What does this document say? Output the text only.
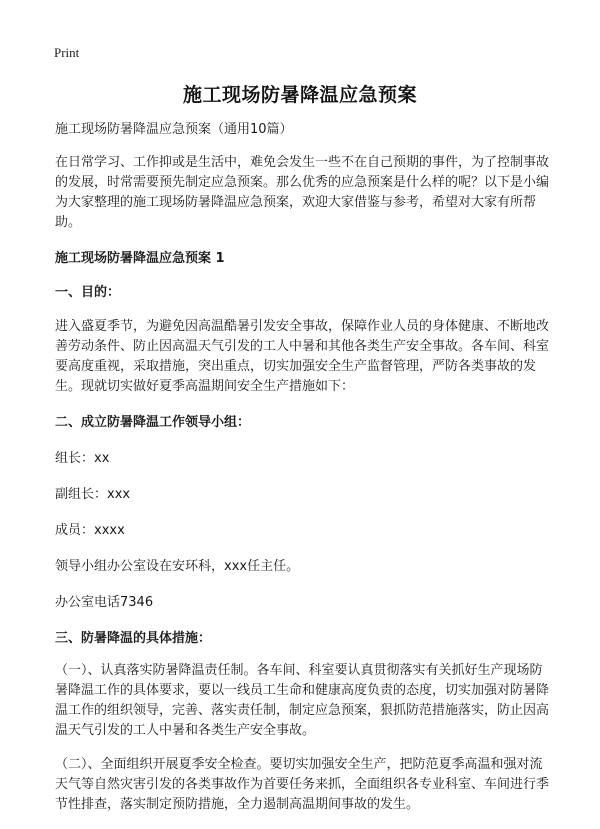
Print
施工现场防暑降温应急预案

施工现场防暑降温应急预案（通用10篇）

在日常学习、工作抑或是生活中，难免会发生一些不在自己预期的事件，为了控制事故的发展，时常需要预先制定应急预案。那么优秀的应急预案是什么样的呢？以下是小编为大家整理的施工现场防暑降温应急预案，欢迎大家借鉴与参考，希望对大家有所帮助。

施工现场防暑降温应急预案 1

一、目的：

进入盛夏季节，为避免因高温酷暑引发安全事故，保障作业人员的身体健康、不断地改善劳动条件、防止因高温天气引发的工人中暑和其他各类生产安全事故。各车间、科室要高度重视，采取措施，突出重点，切实加强安全生产监督管理，严防各类事故的发生。现就切实做好夏季高温期间安全生产措施如下：

二、成立防暑降温工作领导小组：

组长：xx

副组长：xxx

成员：xxxx

领导小组办公室设在安环科，xxx任主任。

办公室电话7346

三、防暑降温的具体措施：

（一）、认真落实防暑降温责任制。各车间、科室要认真贯彻落实有关抓好生产现场防暑降温工作的具体要求，要以一线员工生命和健康高度负责的态度，切实加强对防暑降温工作的组织领导，完善、落实责任制，制定应急预案，狠抓防范措施落实，防止因高温天气引发的工人中暑和各类生产安全事故。

（二）、全面组织开展夏季安全检查。要切实加强安全生产，把防范夏季高温和强对流天气等自然灾害引发的各类事故作为首要任务来抓，全面组织各专业科室、车间进行季节性排查，落实制定预防措施，全力遏制高温期间事故的发生。
